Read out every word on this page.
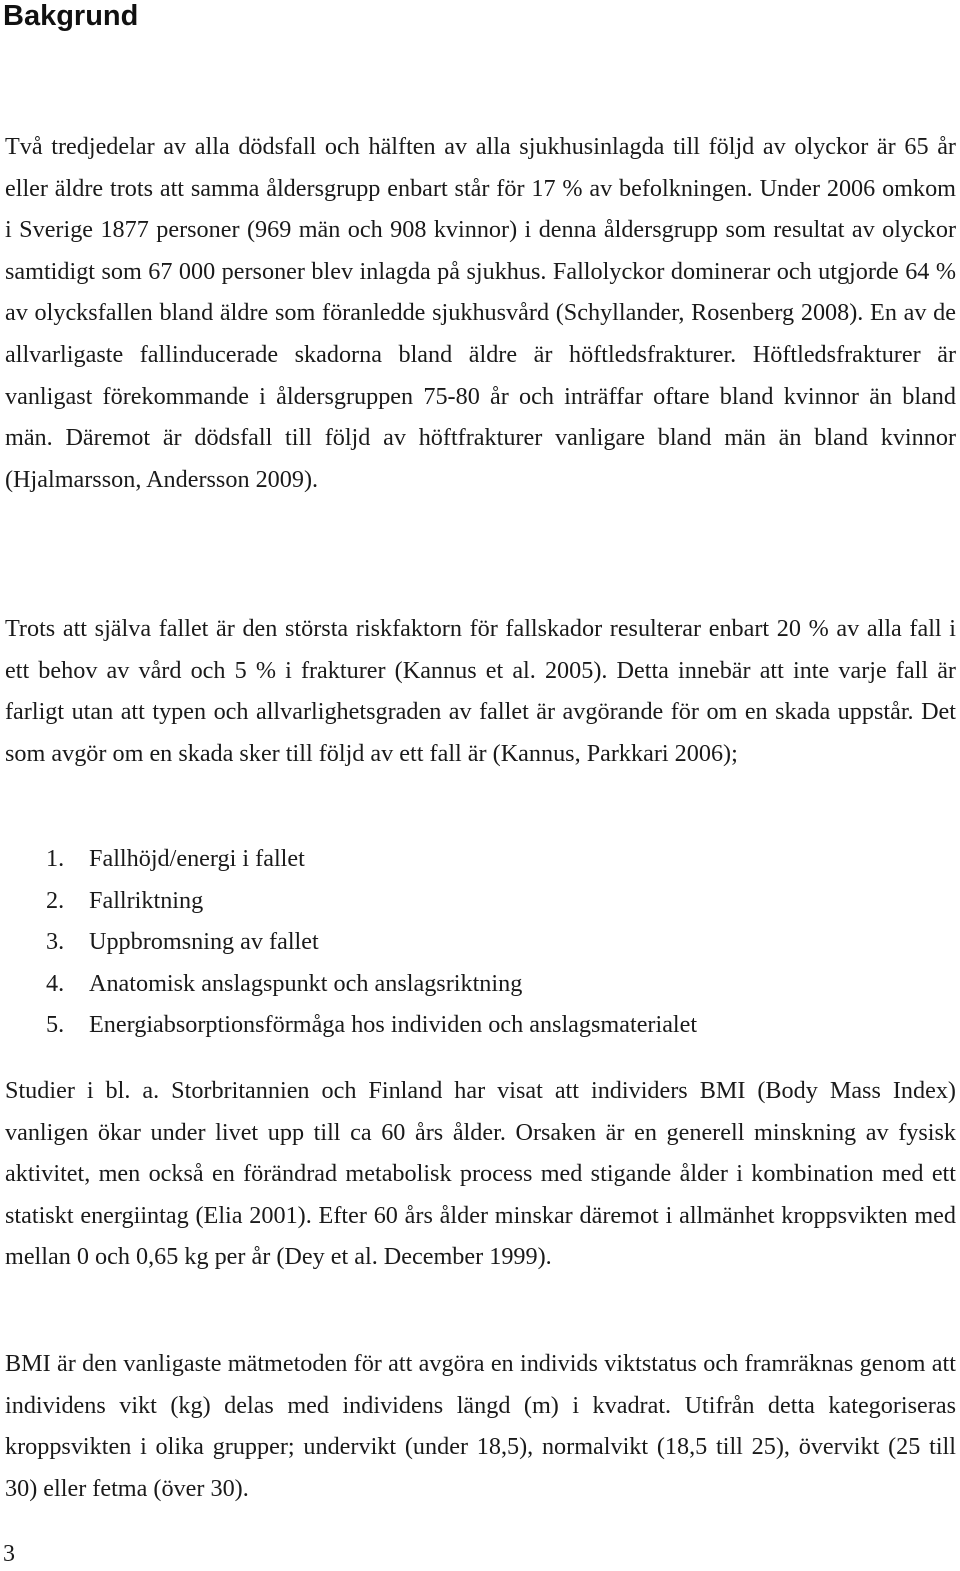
Bakgrund

Två tredjedelar av alla dödsfall och hälften av alla sjukhusinlagda till följd av olyckor är 65 år eller äldre trots att samma åldersgrupp enbart står för 17 % av befolkningen. Under 2006 omkom i Sverige 1877 personer (969 män och 908 kvinnor) i denna åldersgrupp som resultat av olyckor samtidigt som 67 000 personer blev inlagda på sjukhus. Fallolyckor dominerar och utgjorde 64 % av olycksfallen bland äldre som föranledde sjukhusvård (Schyllander, Rosenberg 2008). En av de allvarligaste fallinducerade skadorna bland äldre är höftledsfrakturer. Höftledsfrakturer är vanligast förekommande i åldersgruppen 75-80 år och inträffar oftare bland kvinnor än bland män. Däremot är dödsfall till följd av höftfrakturer vanligare bland män än bland kvinnor (Hjalmarsson, Andersson 2009).

Trots att själva fallet är den största riskfaktorn för fallskador resulterar enbart 20 % av alla fall i ett behov av vård och 5 % i frakturer (Kannus et al. 2005). Detta innebär att inte varje fall är farligt utan att typen och allvarlighetsgraden av fallet är avgörande för om en skada uppstår. Det som avgör om en skada sker till följd av ett fall är (Kannus, Parkkari 2006);

1.	Fallhöjd/energi i fallet
2.	Fallriktning
3.	Uppbromsning av fallet
4.	Anatomisk anslagspunkt och anslagsriktning
5.	Energiabsorptionsförmåga hos individen och anslagsmaterialet

Studier i bl. a. Storbritannien och Finland har visat att individers BMI (Body Mass Index) vanligen ökar under livet upp till ca 60 års ålder. Orsaken är en generell minskning av fysisk aktivitet, men också en förändrad metabolisk process med stigande ålder i kombination med ett statiskt energiintag (Elia 2001). Efter 60 års ålder minskar däremot i allmänhet kroppsvikten med mellan 0 och 0,65 kg per år (Dey et al. December 1999).

BMI är den vanligaste mätmetoden för att avgöra en individs viktstatus och framräknas genom att individens vikt (kg) delas med individens längd (m) i kvadrat. Utifrån detta kategoriseras kroppsvikten i olika grupper; undervikt (under 18,5), normalvikt (18,5 till 25), övervikt (25 till 30) eller fetma (över 30).

3
